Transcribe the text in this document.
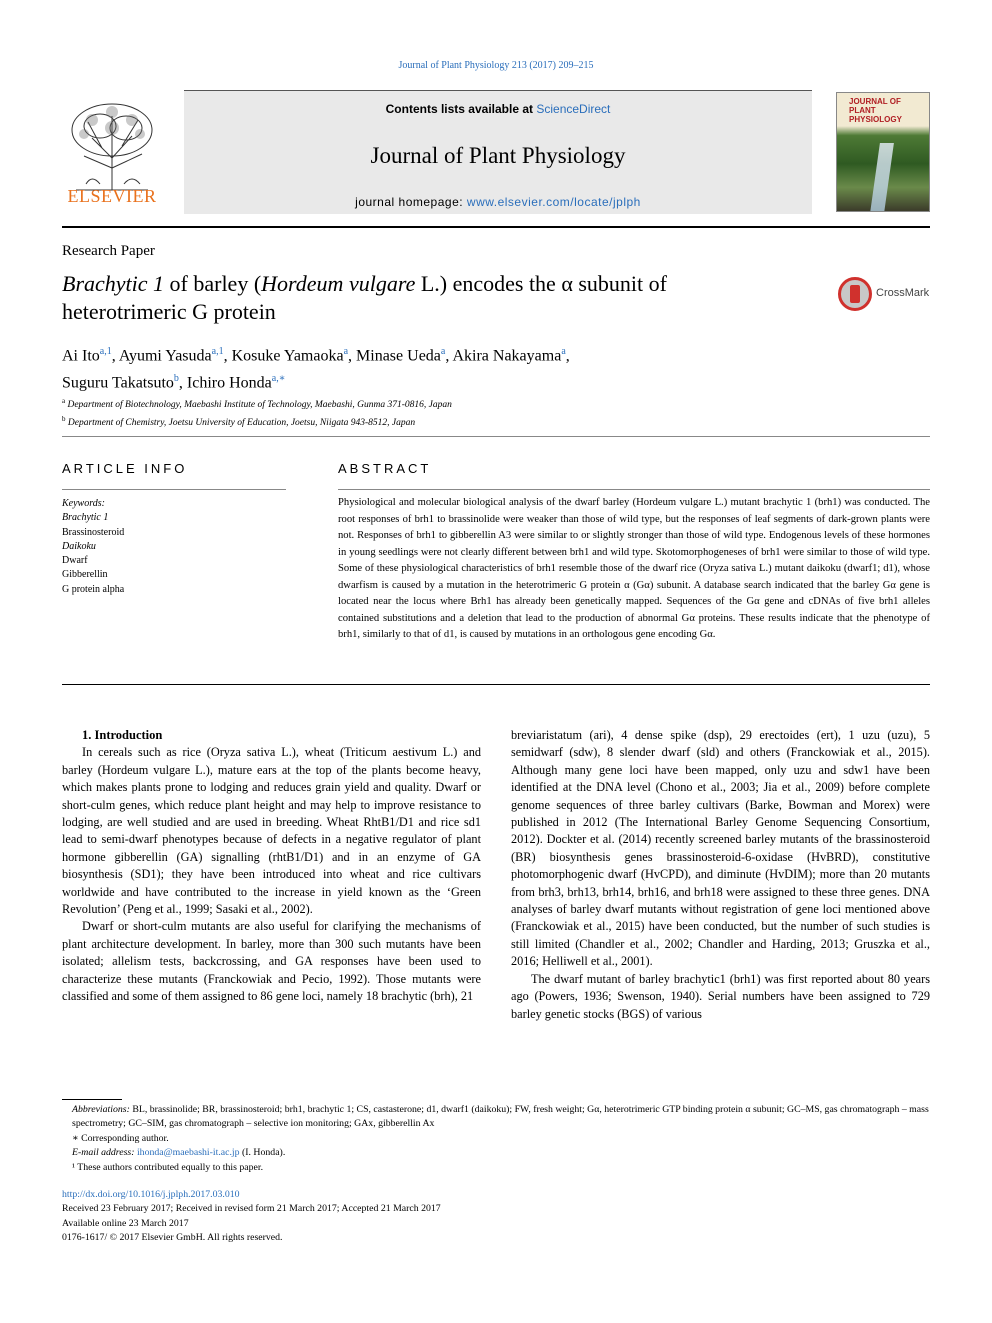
Journal of Plant Physiology 213 (2017) 209–215
ELSEVIER
Contents lists available at ScienceDirect
Journal of Plant Physiology
journal homepage: www.elsevier.com/locate/jplph
JOURNAL OF PLANT PHYSIOLOGY
Research Paper
Brachytic 1 of barley (Hordeum vulgare L.) encodes the α subunit of heterotrimeric G protein
CrossMark
Ai Ito$^{a,1}$, Ayumi Yasuda$^{a,1}$, Kosuke Yamaoka$^a$, Minase Ueda$^a$, Akira Nakayama$^a$,
Suguru Takatsuto$^b$, Ichiro Honda$^{a,∗}$
$^a$ Department of Biotechnology, Maebashi Institute of Technology, Maebashi, Gunma 371-0816, Japan
$^b$ Department of Chemistry, Joetsu University of Education, Joetsu, Niigata 943-8512, Japan
ARTICLE INFO	ABSTRACT
Keywords:
Brachytic 1
Brassinosteroid
Daikoku
Dwarf
Gibberellin
G protein alpha
Physiological and molecular biological analysis of the dwarf barley (Hordeum vulgare L.) mutant brachytic 1 (brh1) was conducted. The root responses of brh1 to brassinolide were weaker than those of wild type, but the responses of leaf segments of dark-grown plants were not. Responses of brh1 to gibberellin A3 were similar to or slightly stronger than those of wild type. Endogenous levels of these hormones in young seedlings were not clearly different between brh1 and wild type. Skotomorphogeneses of brh1 were similar to those of wild type. Some of these physiological characteristics of brh1 resemble those of the dwarf rice (Oryza sativa L.) mutant daikoku (dwarf1; d1), whose dwarfism is caused by a mutation in the heterotrimeric G protein α (Gα) subunit. A database search indicated that the barley Gα gene is located near the locus where Brh1 has already been genetically mapped. Sequences of the Gα gene and cDNAs of five brh1 alleles contained substitutions and a deletion that lead to the production of abnormal Gα proteins. These results indicate that the phenotype of brh1, similarly to that of d1, is caused by mutations in an orthologous gene encoding Gα.

1. Introduction

In cereals such as rice (Oryza sativa L.), wheat (Triticum aestivum L.) and barley (Hordeum vulgare L.), mature ears at the top of the plants become heavy, which makes plants prone to lodging and reduces grain yield and quality. Dwarf or short-culm genes, which reduce plant height and may help to improve resistance to lodging, are well studied and are used in breeding. Wheat RhtB1/D1 and rice sd1 lead to semi-dwarf phenotypes because of defects in a negative regulator of plant hormone gibberellin (GA) signalling (rhtB1/D1) and in an enzyme of GA biosynthesis (SD1); they have been introduced into wheat and rice cultivars worldwide and have contributed to the increase in yield known as the ‘Green Revolution’ (Peng et al., 1999; Sasaki et al., 2002).

Dwarf or short-culm mutants are also useful for clarifying the mechanisms of plant architecture development. In barley, more than 300 such mutants have been isolated; allelism tests, backcrossing, and GA responses have been used to characterize these mutants (Franckowiak and Pecio, 1992). Those mutants were classified and some of them assigned to 86 gene loci, namely 18 brachytic (brh), 21

breviaristatum (ari), 4 dense spike (dsp), 29 erectoides (ert), 1 uzu (uzu), 5 semidwarf (sdw), 8 slender dwarf (sld) and others (Franckowiak et al., 2015). Although many gene loci have been mapped, only uzu and sdw1 have been identified at the DNA level (Chono et al., 2003; Jia et al., 2009) before complete genome sequences of three barley cultivars (Barke, Bowman and Morex) were published in 2012 (The International Barley Genome Sequencing Consortium, 2012). Dockter et al. (2014) recently screened barley mutants of the brassinosteroid (BR) biosynthesis genes brassinosteroid-6-oxidase (HvBRD), constitutive photomorphogenic dwarf (HvCPD), and diminute (HvDIM); more than 20 mutants from brh3, brh13, brh14, brh16, and brh18 were assigned to these three genes. DNA analyses of barley dwarf mutants without registration of gene loci mentioned above (Franckowiak et al., 2015) have been conducted, but the number of such studies is still limited (Chandler et al., 2002; Chandler and Harding, 2013; Gruszka et al., 2016; Helliwell et al., 2001).

The dwarf mutant of barley brachytic1 (brh1) was first reported about 80 years ago (Powers, 1936; Swenson, 1940). Serial numbers have been assigned to 729 barley genetic stocks (BGS) of various

Abbreviations: BL, brassinolide; BR, brassinosteroid; brh1, brachytic 1; CS, castasterone; d1, dwarf1 (daikoku); FW, fresh weight; Gα, heterotrimeric GTP binding protein α subunit; GC–MS, gas chromatograph – mass spectrometry; GC–SIM, gas chromatograph – selective ion monitoring; GAx, gibberellin Ax
∗ Corresponding author.
E-mail address: ihonda@maebashi-it.ac.jp (I. Honda).
¹ These authors contributed equally to this paper.
http://dx.doi.org/10.1016/j.jplph.2017.03.010
Received 23 February 2017; Received in revised form 21 March 2017; Accepted 21 March 2017
Available online 23 March 2017
0176-1617/ © 2017 Elsevier GmbH. All rights reserved.
